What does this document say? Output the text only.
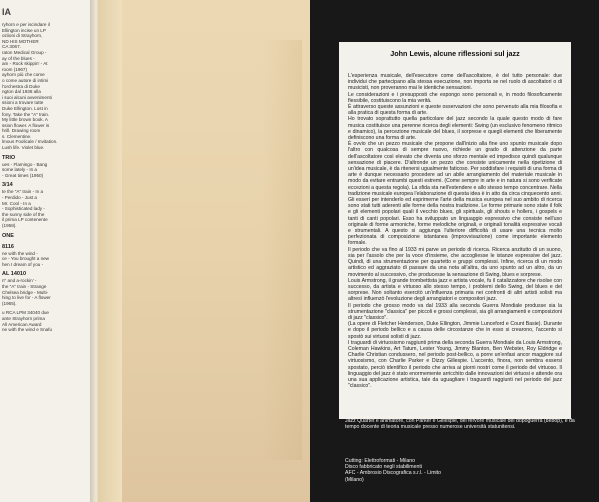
IA

ryhorn e per iscindare il

Ellington incise un LP

oziioni di Strayhorn,

ND HIS MOTHER

CA 3067.

raton Medical Group -

ay of the blues -

am - Rock skippin' - At

room (1967)

ayhorn più che come

o come autore di intimi

l'orchestra di Duke

ngton dal 1938 alla

i suoi alcuni avvenimenti

ssioni a trovare tutte

Duke Ellington. Lost in

fony. Take the "A" train.

My little brown book. A

ssion flower. A flower is

hrill. Drawing room

s. Clementine.

lmous Foolicale / Invitation.

Lush life. Violet blue.

TRIO

ues - Flamingo - Bang

some lately - In a

- Great times (1950)

3/14

te the "A" train - In a

- Perdido - Just a

Mr. Cool - In a

- Sophisticated lady -

the sunny side of the

il prima LP contenente

(1958).

ONE

8116

ne with the wind -

ce - You brought a new

hen I dream of you -

AL 14010

n" and a-rockin' -

the "A" train - Strange

Chelsea bridge - Multi-

hing to live for - A flower

(1965).

u RCA LPM 34040 due

ante Strayhorn prima

All American Award

ne with the wind e Snafu

John Lewis, alcune riflessioni sul jazz

L'esperienza musicale, dell'esecutore come dell'ascoltatore, è del tutto personale: due individui che partecipano alla stessa esecuzione, non importa se nel ruolo di ascoltatori o di musicisti, non proveranno mai le identiche sensazioni.

Le considerazioni e i presupposti che espongo sono personali e, in modo filosoficamente flessibile, costituiscono la mia verità.

È attraverso queste assunzioni e queste osservazioni che sono pervenuto alla mia filosofia e alla pratica di questa forma di arte.

Ho trovato soprattutto quella particolare del jazz secondo la quale questo modo di fare musica costituisce una perenne ricerca degli elementi: Swing (un esclusivo fenomeno ritmico e dinamico), la percezione musicale del blues, il sorprese e quegli elementi che liberamente definiscono una forma di arte.

È ovvio che un pezzo musicale che propone dall'inizio alla fine uno spunto musicale dopo l'altro con qualcosa di sempre nuovo, richiede un grado di attenzione da parte dell'ascoltatore così elevato che diventa uno sforzo mentale ed impedisce quindi qualunque sensazione di piacere. D'altronde un pezzo che consiste unicamente nella ripetizione di un'idea musicale, è da ritenersi ugualmente faticoso. Per soddisfare i requisiti di una forma di arte è dunque necessario procedere ad un abile arrangiamento del materiale musicale in modo da evitare entrambi questi estremi. (Come sempre in arte e in natura si sono verificate eccezioni a questa regola). La sfida sta nell'estendere e allo stesso tempo concentrare. Nella tradizione musicale europea l'elaborazione di questa idea è in atto da circa cinquecento anni. Gli esseri per intenderlo ed esprimerne l'arte della musica europea nel suo ambito di ricerca sono stati tutti aderenti alle forme della nostra tradizione. Le forme primarie sono state il folk e gli elementi popolari quali il vecchio blues, gli spirituals, gli shouts e hollers, i gospels e tanti di canti popolari. Esso ha sviluppato un linguaggio espressivo che consiste nell'uso originale di forme armoniche, forme melodiche originali, e originali tonalità espressive vocali e strumentali. A questo si aggiunga l'ulteriore difficoltà di usare una tecnica molto perfezionata di composizione istantanea (improvvisazione) come importante elemento formale.

Il periodo che va fino al 1933 mi parve un periodo di ricerca. Ricerca anzitutto di un suono, sia per l'assolo che per la voce d'insieme, che accogliesse le istanze espressive del jazz. Quindi, di una strumentazione per quartetto e gruppi complessi. Infine, ricerca di un modo artistico ed aggraziato di passare da una nota all'altra, da uno spunto ad un altro, da un movimento al successivo, che producesse la sensazione di Swing, blues e sorprese.

Louis Armstrong, il grande trombettista jazz e artista vocale, fu il catalizzatore che risolse con successo, da artista e virtuoso allo stesso tempo, i problemi dello Swing, del blues e del sorprese. Non soltanto esercitò un'influenza primaria nei confronti di altri artisti solisti ma altresì influenzò l'evoluzione degli arrangiatori e compositori jazz.

Il periodo che grosso modo va dal 1933 alla seconda Guerra Mondiale produsse sia la strumentazione "classica" per piccoli e grossi complessi, sia gli arrangiamenti e composizioni di jazz "classico".

(La opere di Fletcher Henderson, Duke Ellington, Jimmie Lunceford e Count Basie). Durante e dopo il periodo bellico e a causa delle circostanze che in esso si crearono, l'accento si spostò sui virtuosi solisti di jazz.

I traguardi di virtuosismo raggiunti prima della seconda Guerra Mondiale da Louis Armstrong, Coleman Hawkins, Art Tatum, Lester Young, Jimmy Blanton, Ben Webster, Roy Eldridge e Charlie Christian condussero, nel periodo post-bellico, a porre un'enfasi ancor maggiore sul virtuosismo, con Charlie Parker e Dizzy Gillespie. L'accento, finora, non sembra essersi spostato, perciò identifico il periodo che arriva ai giorni nostri come il periodo del virtuoso. Il linguaggio del jazz è stato enormemente arricchito dalle innovazioni dei virtuosi e attende ora una sua applicazione artistica, tale da uguagliare i traguardi raggiunti nel periodo del jazz "classico".

John Lewis, uno dei più qualificati musicologi del jazz. A capo per oltre un ventennio del Modern Jazz Quartet e animatore, con Parker e Gillespie, del fervore musicale del dopoguerra (bebop), è da tempo docente di teoria musicale presso numerose università statunitensi.

Cutting: Elettroformati - Milano

Disco fabbricato negli stabilimenti

AFC - Ambrosio Discografica s.r.l. - Limito

(Milano)
